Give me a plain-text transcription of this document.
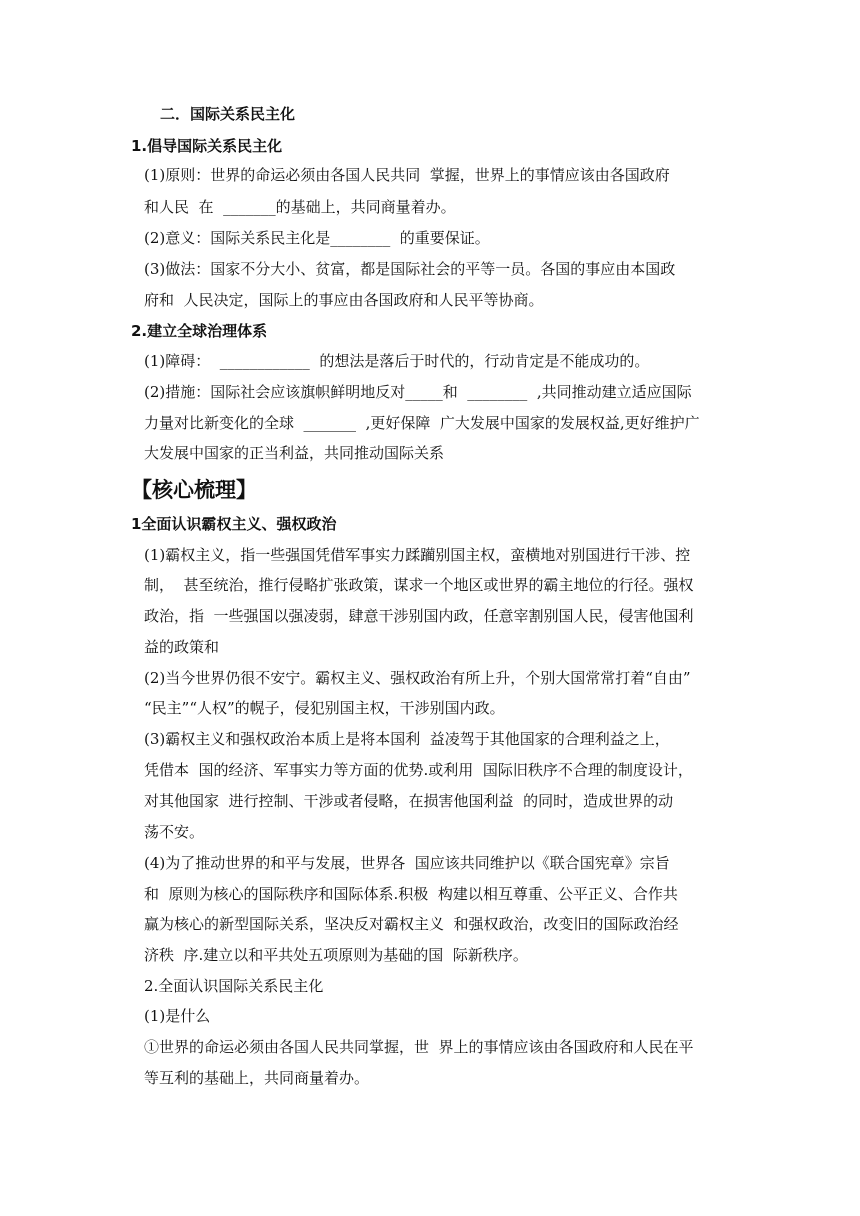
二．国际关系民主化
1.倡导国际关系民主化
(1)原则：世界的命运必须由各国人民共同  掌握，世界上的事情应该由各国政府
和人民  在  _______的基础上，共同商量着办。
(2)意义：国际关系民主化是________  的重要保证。
(3)做法：国家不分大小、贫富，都是国际社会的平等一员。各国的事应由本国政
府和  人民决定，国际上的事应由各国政府和人民平等协商。
2.建立全球治理体系
(1)障碍：  ____________  的想法是落后于时代的，行动肯定是不能成功的。
(2)措施：国际社会应该旗帜鲜明地反对_____和  ________  ,共同推动建立适应国际
力量对比新变化的全球  _______  ,更好保障  广大发展中国家的发展权益,更好维护广
大发展中国家的正当利益，共同推动国际关系
【核心梳理】
1全面认识霸权主义、强权政治
(1)霸权主义，指一些强国凭借军事实力蹂躏别国主权，蛮横地对别国进行干涉、控
制，  甚至统治，推行侵略扩张政策，谋求一个地区或世界的霸主地位的行径。强权
政治，指  一些强国以强凌弱，肆意干涉别国内政，任意宰割别国人民，侵害他国利
益的政策和
(2)当今世界仍很不安宁。霸权主义、强权政治有所上升，个别大国常常打着“自由”
“民主”“人权”的幌子，侵犯别国主权，干涉别国内政。
(3)霸权主义和强权政治本质上是将本国利  益凌驾于其他国家的合理利益之上，
凭借本  国的经济、军事实力等方面的优势.或利用  国际旧秩序不合理的制度设计，
对其他国家  进行控制、干涉或者侵略，在损害他国利益  的同时，造成世界的动
荡不安。
(4)为了推动世界的和平与发展，世界各  国应该共同维护以《联合国宪章》宗旨
和  原则为核心的国际秩序和国际体系.积极  构建以相互尊重、公平正义、合作共
赢为核心的新型国际关系，坚决反对霸权主义  和强权政治，改变旧的国际政治经
济秩  序.建立以和平共处五项原则为基础的国  际新秩序。
2.全面认识国际关系民主化
(1)是什么
①世界的命运必须由各国人民共同掌握，世  界上的事情应该由各国政府和人民在平
等互利的基础上，共同商量着办。
